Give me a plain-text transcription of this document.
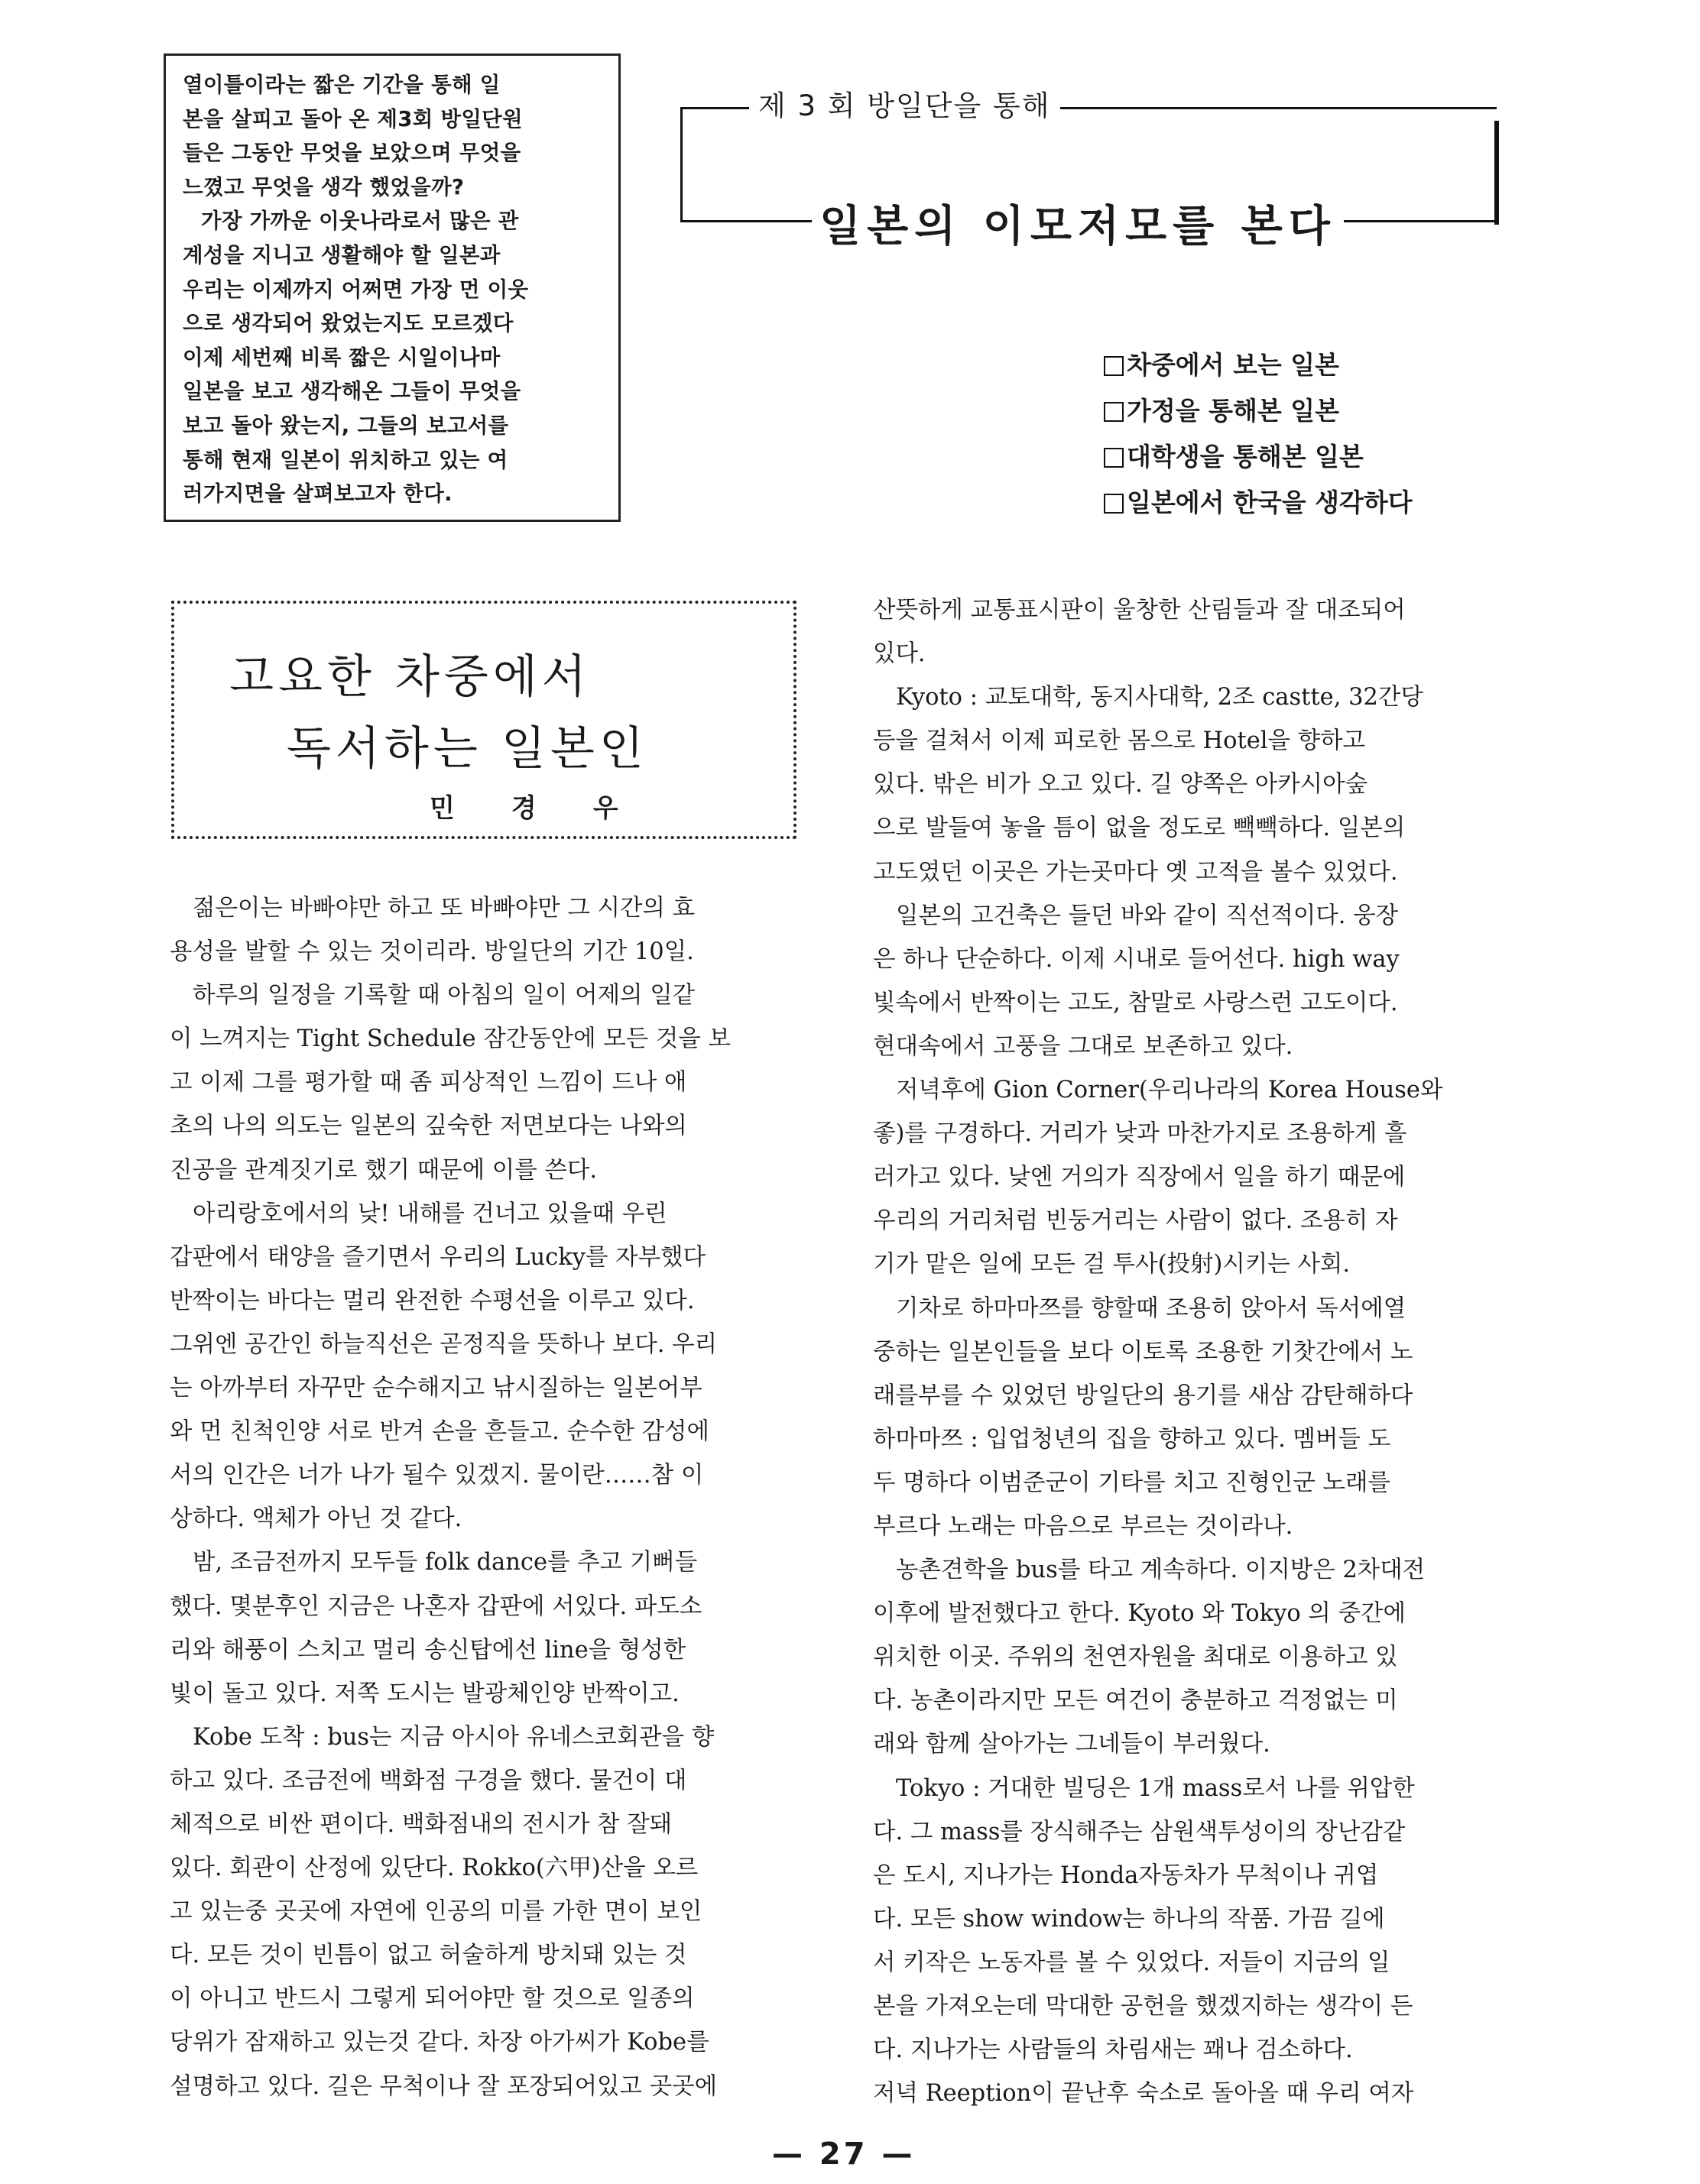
열이틀이라는 짧은 기간을 통해 일
본을 살피고 돌아 온 제3회 방일단원
들은 그동안 무엇을 보았으며 무엇을
느꼈고 무엇을 생각 했었을까?
가장 가까운 이웃나라로서 많은 관
계성을 지니고 생활해야 할 일본과
우리는 이제까지 어쩌면 가장 먼 이웃
으로 생각되어 왔었는지도 모르겠다
이제 세번째 비록 짧은 시일이나마
일본을 보고 생각해온 그들이 무엇을
보고 돌아 왔는지, 그들의 보고서를
통해 현재 일본이 위치하고 있는 여
러가지면을 살펴보고자 한다.
제 3 회 방일단을 통해
일본의 이모저모를 본다
차중에서 보는 일본
가정을 통해본 일본
대학생을 통해본 일본
일본에서 한국을 생각하다
고요한 차중에서
독서하는 일본인
민경우
젊은이는 바빠야만 하고 또 바빠야만 그 시간의 효
용성을 발할 수 있는 것이리라. 방일단의 기간 10일.
하루의 일정을 기록할 때 아침의 일이 어제의 일같
이 느껴지는 Tight Schedule 잠간동안에 모든 것을 보
고 이제 그를 평가할 때 좀 피상적인 느낌이 드나 애
초의 나의 의도는 일본의 깊숙한 저면보다는 나와의
진공을 관계짓기로 했기 때문에 이를 쓴다.
아리랑호에서의 낮! 내해를 건너고 있을때 우린
갑판에서 태양을 즐기면서 우리의 Lucky를 자부했다
반짝이는 바다는 멀리 완전한 수평선을 이루고 있다.
그위엔 공간인 하늘직선은 곧정직을 뜻하나 보다. 우리
는 아까부터 자꾸만 순수해지고 낚시질하는 일본어부
와 먼 친척인양 서로 반겨 손을 흔들고. 순수한 감성에
서의 인간은 너가 나가 될수 있겠지. 물이란……참 이
상하다. 액체가 아닌 것 같다.
밤, 조금전까지 모두들 folk dance를 추고 기뻐들
했다. 몇분후인 지금은 나혼자 갑판에 서있다. 파도소
리와 해풍이 스치고 멀리 송신탑에선 line을 형성한
빛이 돌고 있다. 저쪽 도시는 발광체인양 반짝이고.
Kobe 도착 : bus는 지금 아시아 유네스코회관을 향
하고 있다. 조금전에 백화점 구경을 했다. 물건이 대
체적으로 비싼 편이다. 백화점내의 전시가 참 잘돼
있다. 회관이 산정에 있단다. Rokko(六甲)산을 오르
고 있는중 곳곳에 자연에 인공의 미를 가한 면이 보인
다. 모든 것이 빈틈이 없고 허술하게 방치돼 있는 것
이 아니고 반드시 그렇게 되어야만 할 것으로 일종의
당위가 잠재하고 있는것 같다. 차장 아가씨가 Kobe를
설명하고 있다. 길은 무척이나 잘 포장되어있고 곳곳에
산뜻하게 교통표시판이 울창한 산림들과 잘 대조되어
있다.
Kyoto : 교토대학, 동지사대학, 2조 castte, 32간당
등을 걸쳐서 이제 피로한 몸으로 Hotel을 향하고
있다. 밖은 비가 오고 있다. 길 양쪽은 아카시아숲
으로 발들여 놓을 틈이 없을 정도로 빽빽하다. 일본의
고도였던 이곳은 가는곳마다 옛 고적을 볼수 있었다.
일본의 고건축은 들던 바와 같이 직선적이다. 웅장
은 하나 단순하다. 이제 시내로 들어선다. high way
빛속에서 반짝이는 고도, 참말로 사랑스런 고도이다.
현대속에서 고풍을 그대로 보존하고 있다.
저녁후에 Gion Corner(우리나라의 Korea House와
좋)를 구경하다. 거리가 낮과 마찬가지로 조용하게 흘
러가고 있다. 낮엔 거의가 직장에서 일을 하기 때문에
우리의 거리처럼 빈둥거리는 사람이 없다. 조용히 자
기가 맡은 일에 모든 걸 투사(投射)시키는 사회.
기차로 하마마쯔를 향할때 조용히 앉아서 독서에열
중하는 일본인들을 보다 이토록 조용한 기찻간에서 노
래를부를 수 있었던 방일단의 용기를 새삼 감탄해하다
하마마쯔 : 입업청년의 집을 향하고 있다. 멤버들 도
두 명하다 이범준군이 기타를 치고 진형인군 노래를
부르다 노래는 마음으로 부르는 것이라나.
농촌견학을 bus를 타고 계속하다. 이지방은 2차대전
이후에 발전했다고 한다. Kyoto 와 Tokyo 의 중간에
위치한 이곳. 주위의 천연자원을 최대로 이용하고 있
다. 농촌이라지만 모든 여건이 충분하고 걱정없는 미
래와 함께 살아가는 그네들이 부러웠다.
Tokyo : 거대한 빌딩은 1개 mass로서 나를 위압한
다. 그 mass를 장식해주는 삼원색투성이의 장난감같
은 도시, 지나가는 Honda자동차가 무척이나 귀엽
다. 모든 show window는 하나의 작품. 가끔 길에
서 키작은 노동자를 볼 수 있었다. 저들이 지금의 일
본을 가져오는데 막대한 공헌을 했겠지하는 생각이 든
다. 지나가는 사람들의 차림새는 꽤나 검소하다.
저녁 Reeption이 끝난후 숙소로 돌아올 때 우리 여자
— 27 —
